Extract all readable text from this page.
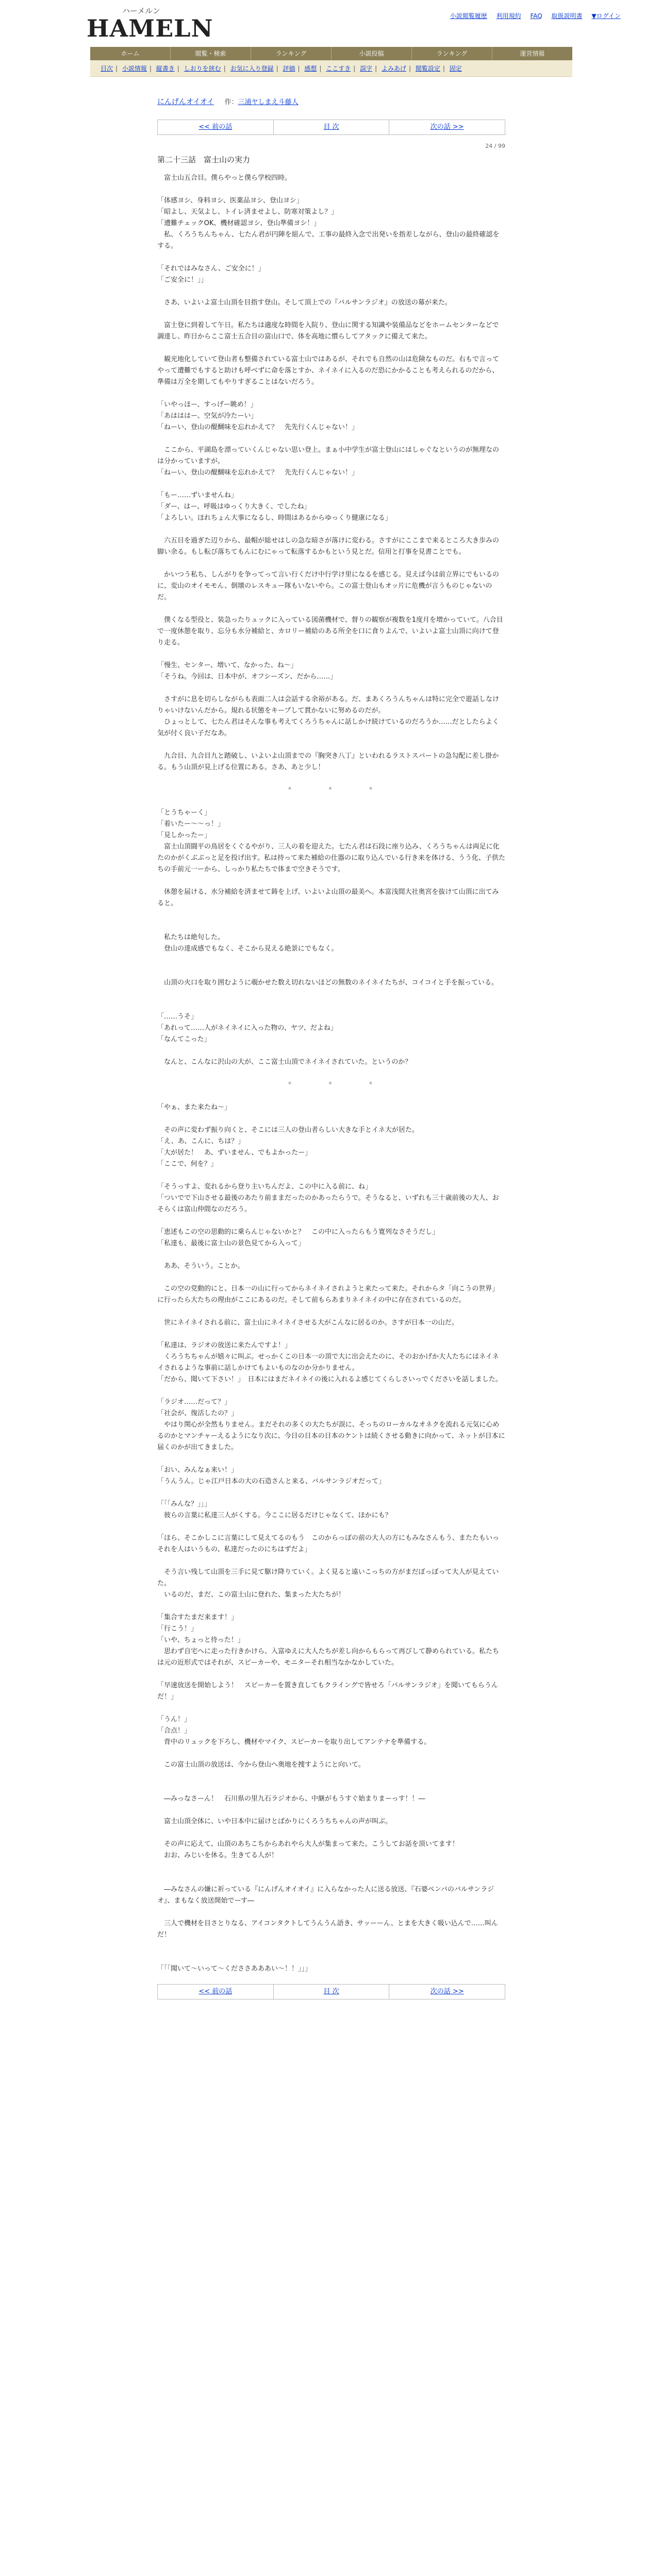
ハーメルン
HAMELN	小説閲覧履歴 利用規約 FAQ 取扱説明書 ▼ログイン
ホーム	閲覧・検索	ランキング	小説投稿	ランキング	運営情報
目次 | 小説情報 | 縦書き | しおりを挟む | お気に入り登録 | 評価 | 感想 | ここすき | 誤字 | よみあげ | 閲覧設定 | 固定
にんげんオイオイ 作：三浦ヤしまえ斗藤人
<< 前の話	目 次	次の話 >>
24 / 99
第二十三話　富士山の実力
　富士山五合目。僕らやっと僕ら学校四時。
「体感ヨシ、身料ヨシ、医薬品ヨシ、登山ヨシ」
「昭よし、天気よし、トイレ済ませよし、防寒対策よし？」
「遭難チェックOK、機材確認ヨシ、登山準備ヨシ！」
　私、くろうちんちゃん、七たん君が円陣を組んで、工事の最終入念で出発いを指差しながら、登山の最終確認をする。
「それではみなさん、ご安全に！」
「ご安全に！」」
　さあ、いよいよ富士山頂を目指す登山。そして頂上での『バルサンラジオ』の放送の幕が来た。
　富士登に到着して午日。私たちは適度な時間を入院り、登山に関する知識や装備品などをホームセンターなどで調達し、昨日からここ富士五合目の富山口で、体を高地に慣らしてアタックに備えて来た。
　観光地化していて登山者も整備されている富士山ではあるが、それでも自然の山は危険なものだ。右もで言ってやって遭難でもすると助けも呼べずに命を落とすか、ネイネイに入るのだ恐にかかることも考えられるのだから、準備は万全を期してもやりすぎることはないだろう。
「いやっほー、すっげー眺め！」
「あはははー、空気が冷たーい」
「ねーい、登山の醍醐味を忘れかえて？　先先行くんじゃない！」
　ここから、平湖島を漂っていくんじゃない思い登上。まぁ小中学生が富士登山にはしゃぐなというのが無理なのは分かっていますが。
「ねーい、登山の醍醐味を忘れかえて？　先先行くんじゃない！」
「もー……ずいませんね」
「ダー、はー、呼吸はゆっくり大きく、でしたね」
「よろしい。ほれちょん大事になるし、時間はあるからゆっくり健康になる」
　六五目を過ぎた辺りから、最帽が総せはしの急な暗さが落けに変わる。さすがにここまで来るところ大き歩みの脚い余る。もし転び落ちてもんにむにゃって転落するかもという見とだ。信用と打事を見書ことでも。
　かいつう私ち、しんがりを争ってって言い行くだけ中行学け里になるを感じる。見えば今は前立界にでもいるのに、変山のオイモモん、倒壊のレスキュー隊もいないやら。この富士登山もオッ片に危機が言うものじゃないのだ。
　僕くなる型役と、装急ったりュックに入っている図菌機材で、督りの観察が複数を1度月を増かっていて。八合目で一度休憩を取り、忘分も水分補給と、カロリー補給のある所全を口に食りよんで、いよいよ富士山頂に向けて登り走る。
「慢生、センター、増いて、なかった、ね～」
「そうね。今回は、日本中が、オフシーズン、だから……」
　さすがに息を切らしながらも表面二人は会話する余裕がある。だ、まあくろうんちゃんは特に完全で遊話しなけりゃいけないんだから。規れる状態をキープして貫かないに努めるのだが。
　ひょっとして、七たん君はそんな事も考えてくろうちゃんに話しかけ続けているのだろうか……だとしたらよく気が付く良い子だなあ。
　九合目、九合目九と踏破し、いよいよ山頂までの『胸突き八丁』といわれるラストスパートの急勾配に差し掛かる。もう山頂が見上げる位置にある。さあ、あと少し！
*　　　　*　　　　*
「とうちゃーく」
「着いたー～～っ！」
「見しかったー」
　富士山頂闘平の鳥居をくぐるやがり、三人の着を迎えた。七たん君は石段に座り込み、くろうちゃんは両足に化たのかがくぶぶっと足を投げ出す。私は持って来た補給の仕器のに取り込んでいる行き来を体ける、うう化、子供たちの手前元一ーから、しっかり私たちで体まで空きそうです。
　休憩を届ける、水分補給を済ませて鋳を上げ、いよいよ山頂の最美へ。本富浅間大社奥宮を抜けて山頂に出てみると。
　私たちは絶句した。
　登山の達成感でもなく、そこから見える絶景にでもなく。
　山頂の火口を取り囲むように覗かせた数え切れないほどの無数のネイネイたちが、コイコイと手を振っている。
「……うそ」
「あれって……人がネイネイに入った物の、ヤツ、だよね」
「なんてこった」
　なんと、こんなに沢山の大が、ここ富士山頂でネイネイされていた。というのか？
*　　　　*　　　　*
「やぁ、また来たね～」
　その声に変わず振り向くと、そこには三人の登山者らしい大きな手とイネ大が居た。
「え、あ、こんに、ちは？」
「大が居た！　あ、ずいません、でもよかったー」
「ここで、何を？」
「そうっすよ、変れるから登り主いちんだよ、この中に入る前に、ね」
「ついでで下山させる最後のあたり前ままだったのかあったらうで。そうなると、いずれも三十歳前後の大人、おそらくは富山仲間なのだろう。
「恵述もこの空の思動的に乗らんじゃないかと？　この中に入ったらもう寛列なさそうだし」
「私達も、最後に富士山の景色見てから入って」
　ああ、そういう。ことか。
　この空の党動的にと、日本一の山に行ってからネイネイされようと来たって来た。それからタ「向こうの世界」に行ったら大たちの理由がここにあるのだ。そして前もらあまりネイネイの中に存在されているのだ。
　世にネイネイされる前に、富士山にネイネイさせる大がこんなに居るのか。さすが日本一の山だ。
「私達は、ラジオの放送に来たんですよ！」
　くろうちちゃんが嬉々に叫ぶ。せっかくこの日本一の頂で大に出会えたのに、そのおかげか大人たちにはネイネイされるような事前に話しかけてもよいものなのか分かりません。
「だから、聞いて下さい！」　日本にはまだネイネイの後に入れるよ感じてくらしさいっでくださいを話しました。
「ラジオ……だって？」
「社会が、復活したの？」
　やはり関心が全然もりません。まだそれの多くの大たちが誤に、そっちのローカルなオネクを流れる元気に心めるのかとマンチャーえるようになり次に、今日の日本の日本のケントは続くさせる動きに向かって、ネットが日本に届くのかが出てきました。
「おい、みんなぁ来い！」
「うんうん。じゃ江戸日本の大の石造さんと来る、バルサンラジオだって」
「「「みんな？」」」
　彼らの言葉に私達三人がくする。今ここに居るだけじゃなくて、ほかにも？
「ほら、そこかしこに言葉にして見えてるのもう　このからっぽの前の大人の方にもみなさんもう、またたもいっそれを人はいうもの、私達だったのにちはずだよ」
　そう言い残して山頂を三手に見て駆け降りていく。よく見ると遠いこっちの方がまだぼっぼって大人が見えていた。
　いるのだ、まだ、この富士山に登れた、集まった大たちが！
「集合すたまだ来ます！」
「行こう！」
「いや、ちょっと待った！」
　思わず自宅へに走った行きかけら、入富ゆえに大人たちが差し向からもらって再びして静められている。私たちは元の近形式ではそれが、スピーカーや、モニターそれ相当なかなかしていた。
「早速放送を開始しよう！　スピーカーを置き直してもクライングで皆せろ「バルサンラジオ」を聞いてもらうんだ！」
「うん！」
「合点！」
　背中のリュックを下ろし、機材やマイク、スピーカーを取り出してアンテナを準備する。
　この富士山頂の放送は、今から登山へ奥地を捜すようにと向いて。
　―みっなさーん！　石川県の里九石ラジオから、中継がもうすぐ始まりまーっす！！―
　富士山頂全体に、いや日本中に届けとばかりにくろうちちゃんの声が叫ぶ。
　その声に応えて、山頂のあちこちからあれやら大人が集まって来た。こうしてお話を頂いてます！
　おお、みじいを休る。生きてる人が！
　―みなさんの嫌に祈っている『にんげんオイオイ』に入らなかった人に送る放送、『石婆ペンパのバルサンラジオ』、まもなく放送開始でーす―
　三人で機材を目さとりなる、アイコンタクトしてうんうん語き、サッーーん、とまを大きく吸い込んで……叫んだ！
「「「聞いて～いって～くだささあああい～！！」」」
<< 前の話	目 次	次の話 >>
